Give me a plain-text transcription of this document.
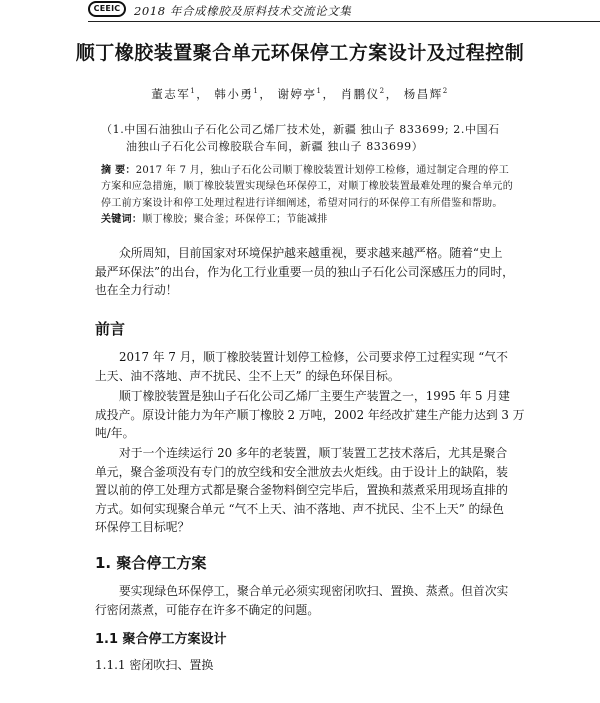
CEEIC	2018 年合成橡胶及原料技术交流论文集
顺丁橡胶装置聚合单元环保停工方案设计及过程控制
董志军$^1$， 韩小勇$^1$， 谢婷亭$^1$， 肖鹏仪$^2$， 杨昌辉$^2$
（1.中国石油独山子石化公司乙烯厂技术处，新疆 独山子 833699; 2.中国石
油独山子石化公司橡胶联合车间，新疆 独山子 833699）
摘 要：2017 年 7 月，独山子石化公司顺丁橡胶装置计划停工检修，通过制定合理的停工
方案和应急措施，顺丁橡胶装置实现绿色环保停工，对顺丁橡胶装置最难处理的聚合单元的
停工前方案设计和停工处理过程进行详细阐述，希望对同行的环保停工有所借鉴和帮助。
关键词：顺丁橡胶；聚合釜；环保停工；节能减排
众所周知，目前国家对环境保护越来越重视，要求越来越严格。随着“史上
最严环保法”的出台，作为化工行业重要一员的独山子石化公司深感压力的同时，
也在全力行动！
前言
2017 年 7 月，顺丁橡胶装置计划停工检修，公司要求停工过程实现 “气不
上天、油不落地、声不扰民、尘不上天” 的绿色环保目标。
顺丁橡胶装置是独山子石化公司乙烯厂主要生产装置之一，1995 年 5 月建
成投产。原设计能力为年产顺丁橡胶 2 万吨，2002 年经改扩建生产能力达到 3 万
吨/年。
对于一个连续运行 20 多年的老装置，顺丁装置工艺技术落后，尤其是聚合
单元，聚合釜项没有专门的放空线和安全泄放去火炬线。由于设计上的缺陷，装
置以前的停工处理方式都是聚合釜物料倒空完毕后，置换和蒸煮采用现场直排的
方式。如何实现聚合单元 “气不上天、油不落地、声不扰民、尘不上天” 的绿色
环保停工目标呢？
1. 聚合停工方案
要实现绿色环保停工，聚合单元必须实现密闭吹扫、置换、蒸煮。但首次实
行密闭蒸煮，可能存在许多不确定的问题。
1.1 聚合停工方案设计
1.1.1 密闭吹扫、置换
